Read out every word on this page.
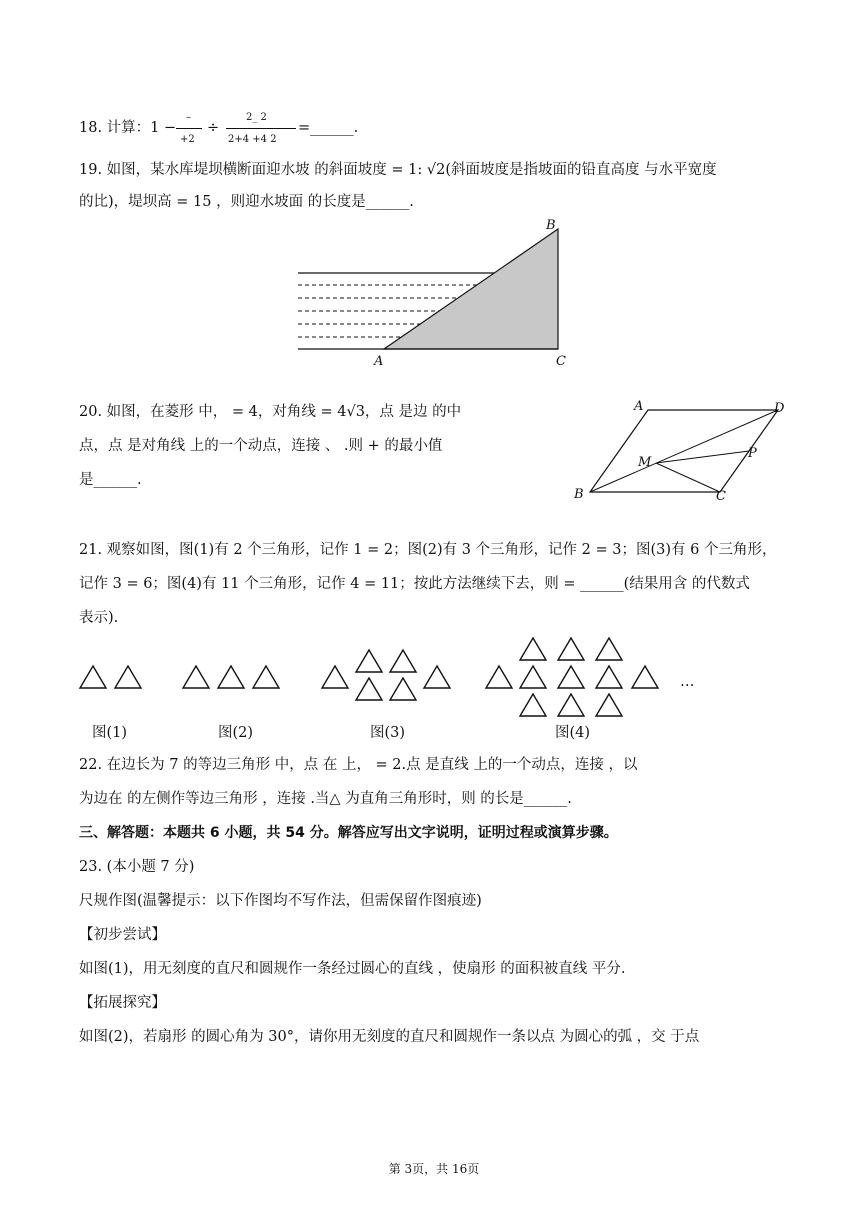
18. 计算：1 −
–
+2
÷
2_ 2
2+4 +4 2
=______.
19. 如图，某水库堤坝横断面迎水坡 的斜面坡度 = 1: √2(斜面坡度是指坡面的铅直高度 与水平宽度
的比)，堤坝高 = 15 ，则迎水坡面 的长度是______.
A
B
C
20. 如图，在菱形 中， = 4，对角线 = 4√3，点 是边 的中
点，点 是对角线 上的一个动点，连接 、 .则 + 的最小值
是______.
A	D
M
P
B	C
21. 观察如图，图(1)有 2 个三角形，记作 1 = 2；图(2)有 3 个三角形，记作 2 = 3；图(3)有 6 个三角形，
记作 3 = 6；图(4)有 11 个三角形，记作 4 = 11；按此方法继续下去，则 = ______(结果用含 的代数式
表示).
…
图(1)	图(2)	图(3)	图(4)
22. 在边长为 7 的等边三角形 中，点 在 上， = 2.点 是直线 上的一个动点，连接 ，以
为边在 的左侧作等边三角形 ，连接 .当△ 为直角三角形时，则 的长是______.
三、解答题：本题共 6 小题，共 54 分。解答应写出文字说明，证明过程或演算步骤。
23. (本小题 7 分)
尺规作图(温馨提示：以下作图均不写作法，但需保留作图痕迹)
【初步尝试】
如图(1)，用无刻度的直尺和圆规作一条经过圆心的直线 ，使扇形 的面积被直线 平分.
【拓展探究】
如图(2)，若扇形 的圆心角为 30°，请你用无刻度的直尺和圆规作一条以点 为圆心的弧 ，交 于点
第 3页，共 16页
